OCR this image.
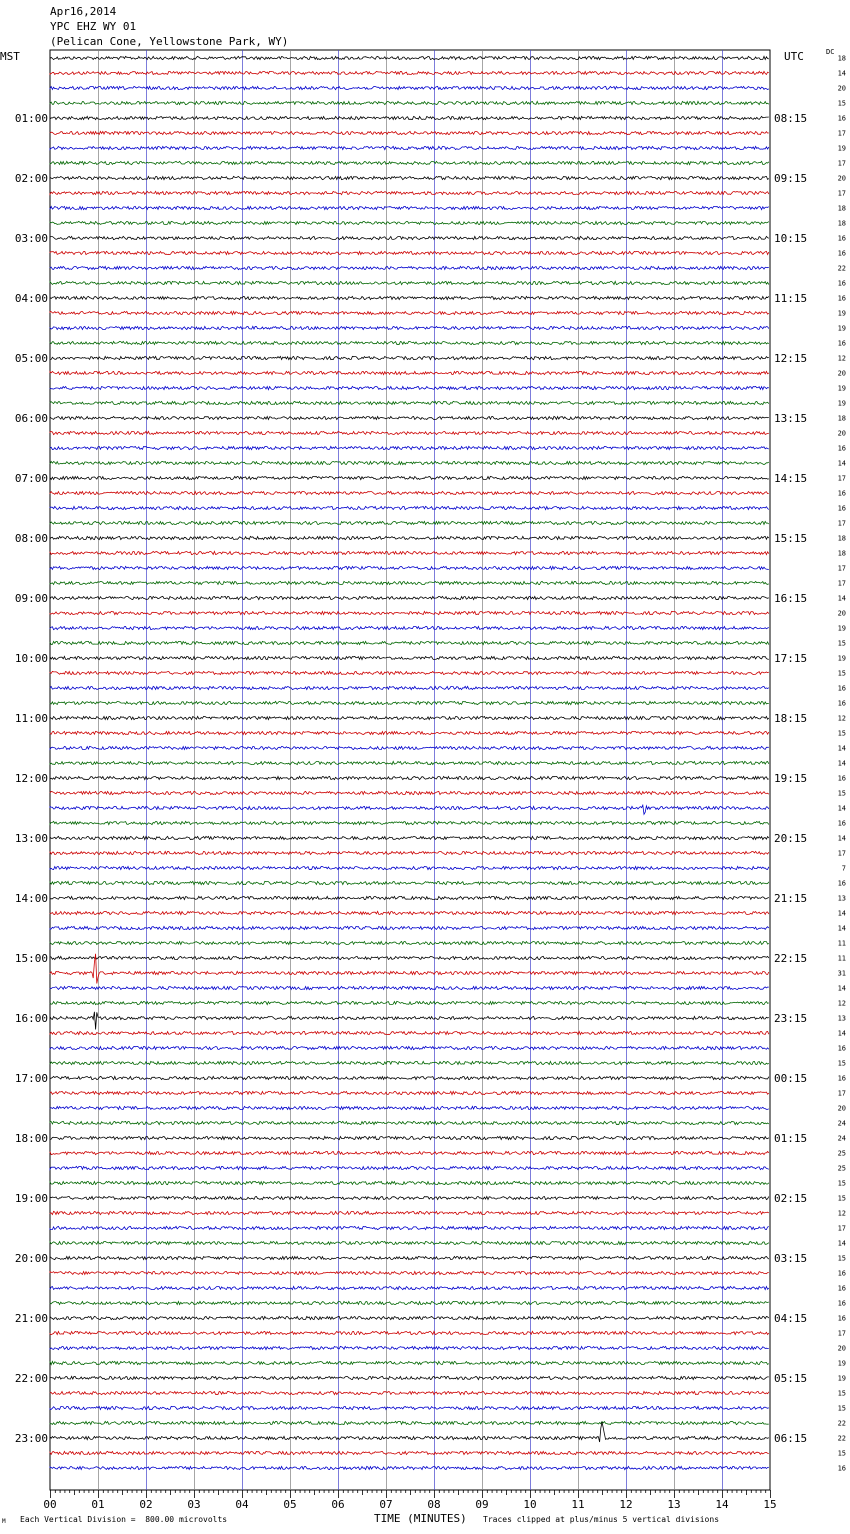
Apr16,2014
YPC EHZ WY 01
(Pelican Cone, Yellowstone Park, WY)
MST	UTC	DC
18
14
20
15
16
17
19
17
20
17
18
18
16
16
22
16
16
19
19
16
12
20
19
19
18
20
16
14
17
16
16
17
18
18
17
17
14
20
19
15
19
15
16
16
12
15
14
14
16
15
14
16
14
17
7
16
13
14
14
11
11
31
14
12
13
14
16
15
16
17
20
24
24
25
25
15
15
12
17
14
15
16
16
16
16
17
20
19
19
15
15
22
22
15
16
01:00
02:00
03:00
04:00
05:00
06:00
07:00
08:00
09:00
10:00
11:00
12:00
13:00
14:00
15:00
16:00
17:00
18:00
19:00
20:00
21:00
22:00
23:00
08:15
09:15
10:15
11:15
12:15
13:15
14:15
15:15
16:15
17:15
18:15
19:15
20:15
21:15
22:15
23:15
00:15
01:15
02:15
03:15
04:15
05:15
06:15
00	01	02	03	04	05	06	07	08	09	10	11	12	13	14	15
M Each Vertical Division =  800.00 microvolts	TIME (MINUTES) Traces clipped at plus/minus 5 vertical divisions
